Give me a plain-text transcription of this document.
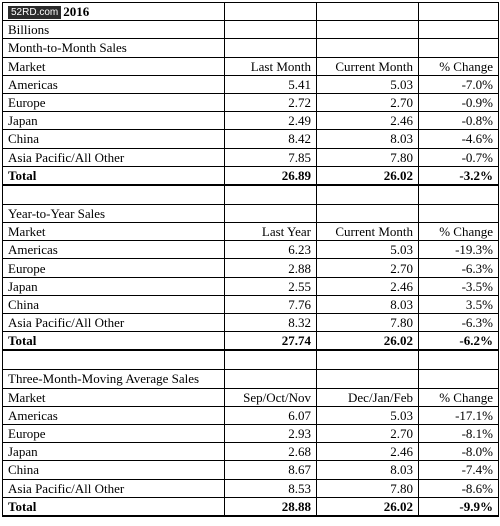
52RD.com 2016			
Billions			
Month-to-Month Sales			
Market	Last Month	Current Month	% Change
Americas	5.41	5.03	-7.0%
Europe	2.72	2.70	-0.9%
Japan	2.49	2.46	-0.8%
China	8.42	8.03	-4.6%
Asia Pacific/All Other	7.85	7.80	-0.7%
Total	26.89	26.02	-3.2%

Year-to-Year Sales			
Market	Last Year	Current Month	% Change
Americas	6.23	5.03	-19.3%
Europe	2.88	2.70	-6.3%
Japan	2.55	2.46	-3.5%
China	7.76	8.03	3.5%
Asia Pacific/All Other	8.32	7.80	-6.3%
Total	27.74	26.02	-6.2%

Three-Month-Moving Average Sales			
Market	Sep/Oct/Nov	Dec/Jan/Feb	% Change
Americas	6.07	5.03	-17.1%
Europe	2.93	2.70	-8.1%
Japan	2.68	2.46	-8.0%
China	8.67	8.03	-7.4%
Asia Pacific/All Other	8.53	7.80	-8.6%
Total	28.88	26.02	-9.9%
